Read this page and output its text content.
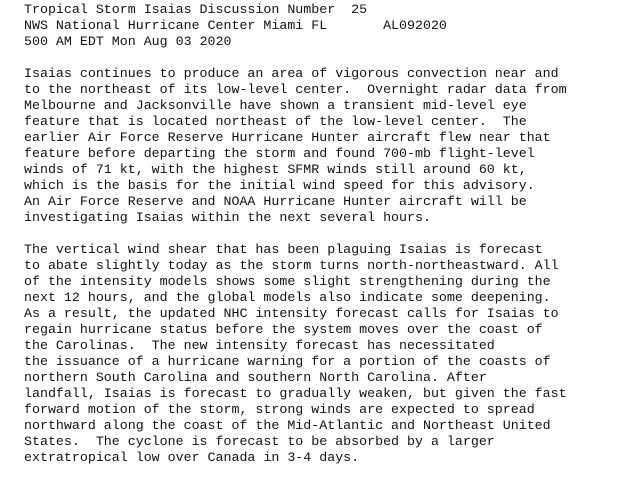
Tropical Storm Isaias Discussion Number  25
NWS National Hurricane Center Miami FL       AL092020
500 AM EDT Mon Aug 03 2020
Isaias continues to produce an area of vigorous convection near and
to the northeast of its low-level center.  Overnight radar data from
Melbourne and Jacksonville have shown a transient mid-level eye
feature that is located northeast of the low-level center.  The
earlier Air Force Reserve Hurricane Hunter aircraft flew near that
feature before departing the storm and found 700-mb flight-level
winds of 71 kt, with the highest SFMR winds still around 60 kt,
which is the basis for the initial wind speed for this advisory.
An Air Force Reserve and NOAA Hurricane Hunter aircraft will be
investigating Isaias within the next several hours.
The vertical wind shear that has been plaguing Isaias is forecast
to abate slightly today as the storm turns north-northeastward. All
of the intensity models shows some slight strengthening during the
next 12 hours, and the global models also indicate some deepening.
As a result, the updated NHC intensity forecast calls for Isaias to
regain hurricane status before the system moves over the coast of
the Carolinas.  The new intensity forecast has necessitated
the issuance of a hurricane warning for a portion of the coasts of
northern South Carolina and southern North Carolina. After
landfall, Isaias is forecast to gradually weaken, but given the fast
forward motion of the storm, strong winds are expected to spread
northward along the coast of the Mid-Atlantic and Northeast United
States.  The cyclone is forecast to be absorbed by a larger
extratropical low over Canada in 3-4 days.
